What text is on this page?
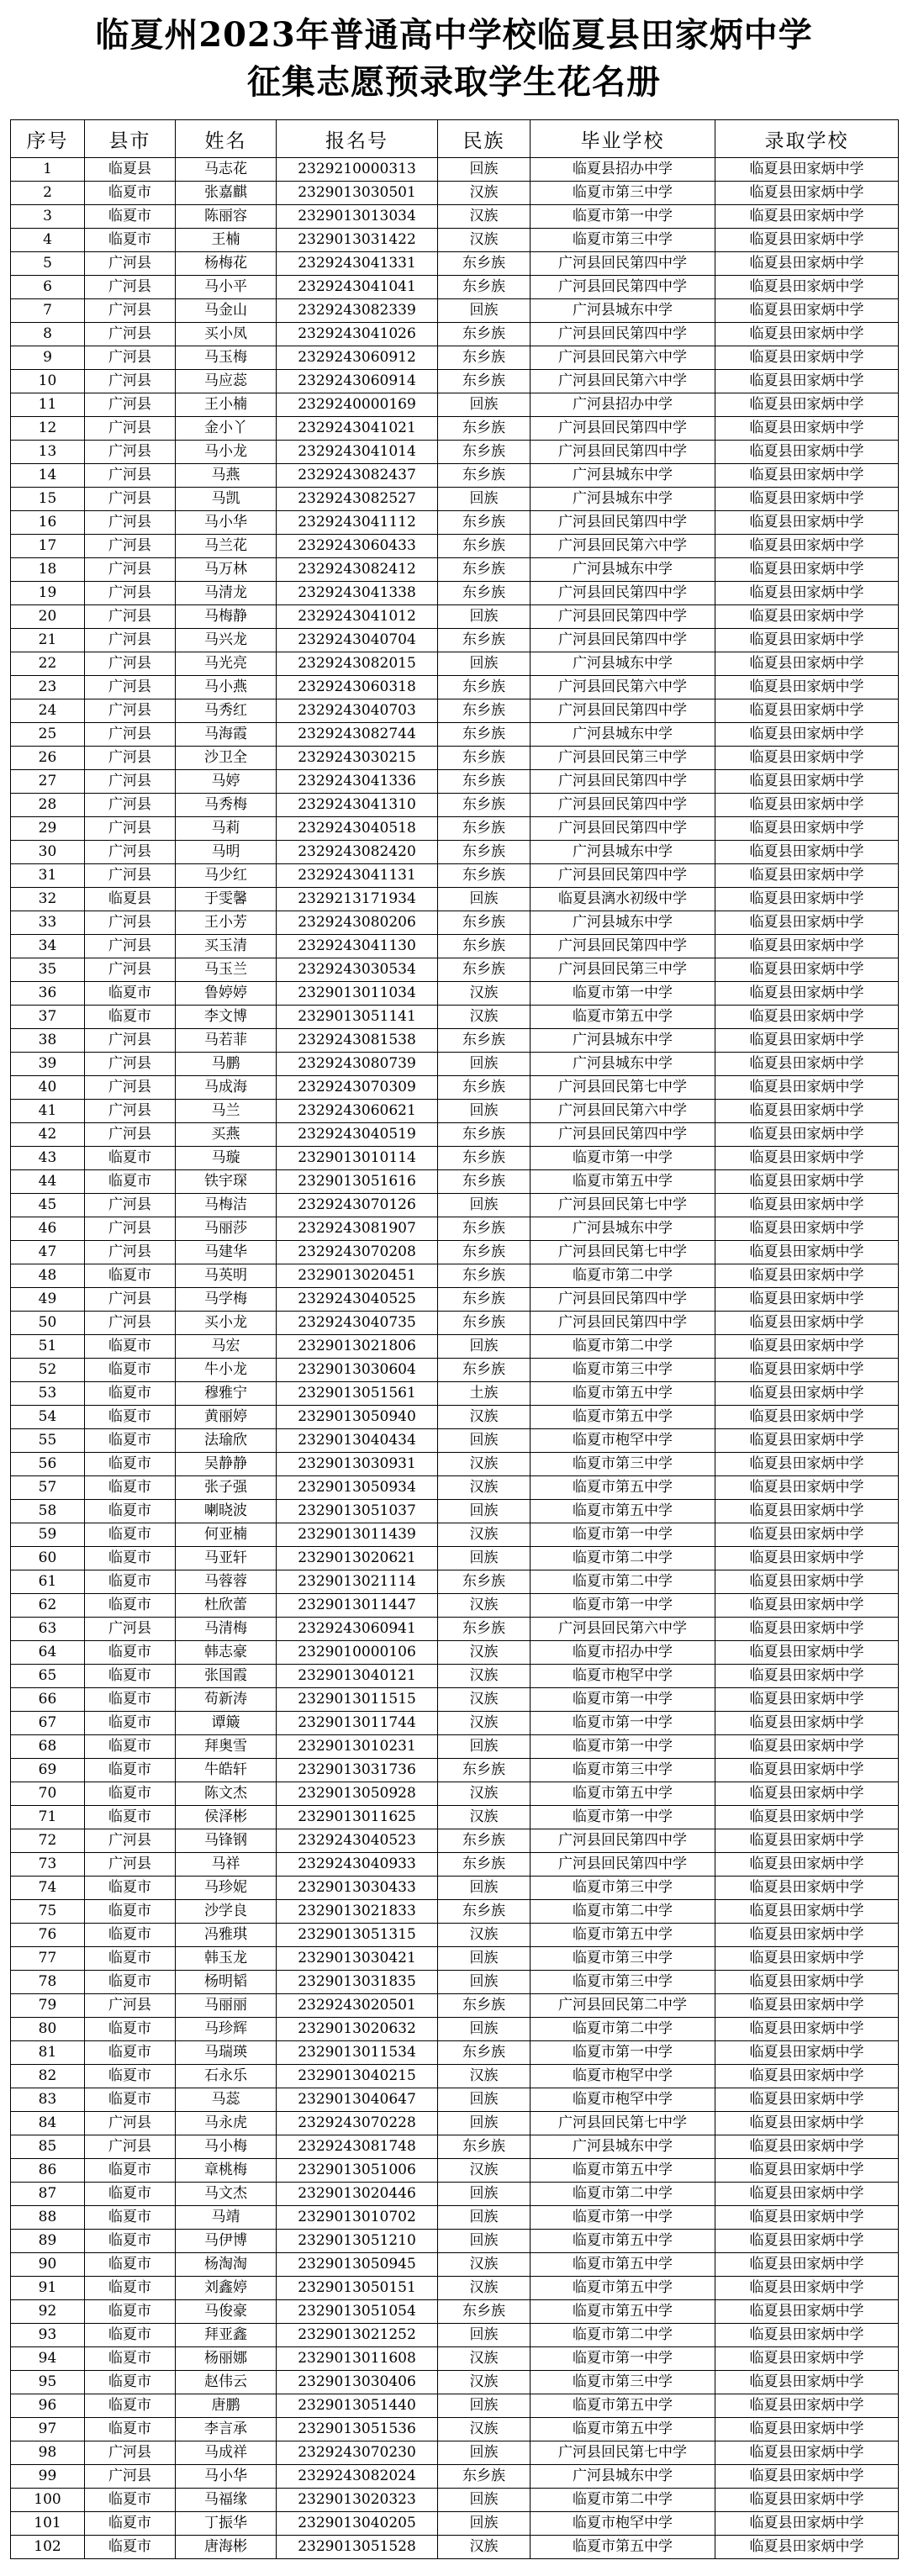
临夏州2023年普通高中学校临夏县田家炳中学
征集志愿预录取学生花名册
序号	县市	姓名	报名号	民族	毕业学校	录取学校
1	临夏县	马志花	2329210000313	回族	临夏县招办中学	临夏县田家炳中学
2	临夏市	张嘉麒	2329013030501	汉族	临夏市第三中学	临夏县田家炳中学
3	临夏市	陈丽容	2329013013034	汉族	临夏市第一中学	临夏县田家炳中学
4	临夏市	王楠	2329013031422	汉族	临夏市第三中学	临夏县田家炳中学
5	广河县	杨梅花	2329243041331	东乡族	广河县回民第四中学	临夏县田家炳中学
6	广河县	马小平	2329243041041	东乡族	广河县回民第四中学	临夏县田家炳中学
7	广河县	马金山	2329243082339	回族	广河县城东中学	临夏县田家炳中学
8	广河县	买小凤	2329243041026	东乡族	广河县回民第四中学	临夏县田家炳中学
9	广河县	马玉梅	2329243060912	东乡族	广河县回民第六中学	临夏县田家炳中学
10	广河县	马应蕊	2329243060914	东乡族	广河县回民第六中学	临夏县田家炳中学
11	广河县	王小楠	2329240000169	回族	广河县招办中学	临夏县田家炳中学
12	广河县	金小丫	2329243041021	东乡族	广河县回民第四中学	临夏县田家炳中学
13	广河县	马小龙	2329243041014	东乡族	广河县回民第四中学	临夏县田家炳中学
14	广河县	马燕	2329243082437	东乡族	广河县城东中学	临夏县田家炳中学
15	广河县	马凯	2329243082527	回族	广河县城东中学	临夏县田家炳中学
16	广河县	马小华	2329243041112	东乡族	广河县回民第四中学	临夏县田家炳中学
17	广河县	马兰花	2329243060433	东乡族	广河县回民第六中学	临夏县田家炳中学
18	广河县	马万林	2329243082412	东乡族	广河县城东中学	临夏县田家炳中学
19	广河县	马清龙	2329243041338	东乡族	广河县回民第四中学	临夏县田家炳中学
20	广河县	马梅静	2329243041012	回族	广河县回民第四中学	临夏县田家炳中学
21	广河县	马兴龙	2329243040704	东乡族	广河县回民第四中学	临夏县田家炳中学
22	广河县	马光亮	2329243082015	回族	广河县城东中学	临夏县田家炳中学
23	广河县	马小燕	2329243060318	东乡族	广河县回民第六中学	临夏县田家炳中学
24	广河县	马秀红	2329243040703	东乡族	广河县回民第四中学	临夏县田家炳中学
25	广河县	马海霞	2329243082744	东乡族	广河县城东中学	临夏县田家炳中学
26	广河县	沙卫全	2329243030215	东乡族	广河县回民第三中学	临夏县田家炳中学
27	广河县	马婷	2329243041336	东乡族	广河县回民第四中学	临夏县田家炳中学
28	广河县	马秀梅	2329243041310	东乡族	广河县回民第四中学	临夏县田家炳中学
29	广河县	马莉	2329243040518	东乡族	广河县回民第四中学	临夏县田家炳中学
30	广河县	马明	2329243082420	东乡族	广河县城东中学	临夏县田家炳中学
31	广河县	马少红	2329243041131	东乡族	广河县回民第四中学	临夏县田家炳中学
32	临夏县	于雯馨	2329213171934	回族	临夏县漓水初级中学	临夏县田家炳中学
33	广河县	王小芳	2329243080206	东乡族	广河县城东中学	临夏县田家炳中学
34	广河县	买玉清	2329243041130	东乡族	广河县回民第四中学	临夏县田家炳中学
35	广河县	马玉兰	2329243030534	东乡族	广河县回民第三中学	临夏县田家炳中学
36	临夏市	鲁婷婷	2329013011034	汉族	临夏市第一中学	临夏县田家炳中学
37	临夏市	李文博	2329013051141	汉族	临夏市第五中学	临夏县田家炳中学
38	广河县	马若菲	2329243081538	东乡族	广河县城东中学	临夏县田家炳中学
39	广河县	马鹏	2329243080739	回族	广河县城东中学	临夏县田家炳中学
40	广河县	马成海	2329243070309	东乡族	广河县回民第七中学	临夏县田家炳中学
41	广河县	马兰	2329243060621	回族	广河县回民第六中学	临夏县田家炳中学
42	广河县	买燕	2329243040519	东乡族	广河县回民第四中学	临夏县田家炳中学
43	临夏市	马璇	2329013010114	东乡族	临夏市第一中学	临夏县田家炳中学
44	临夏市	铁宇琛	2329013051616	东乡族	临夏市第五中学	临夏县田家炳中学
45	广河县	马梅洁	2329243070126	回族	广河县回民第七中学	临夏县田家炳中学
46	广河县	马丽莎	2329243081907	东乡族	广河县城东中学	临夏县田家炳中学
47	广河县	马建华	2329243070208	东乡族	广河县回民第七中学	临夏县田家炳中学
48	临夏市	马英明	2329013020451	东乡族	临夏市第二中学	临夏县田家炳中学
49	广河县	马学梅	2329243040525	东乡族	广河县回民第四中学	临夏县田家炳中学
50	广河县	买小龙	2329243040735	东乡族	广河县回民第四中学	临夏县田家炳中学
51	临夏市	马宏	2329013021806	回族	临夏市第二中学	临夏县田家炳中学
52	临夏市	牛小龙	2329013030604	东乡族	临夏市第三中学	临夏县田家炳中学
53	临夏市	穆雅宁	2329013051561	土族	临夏市第五中学	临夏县田家炳中学
54	临夏市	黄丽婷	2329013050940	汉族	临夏市第五中学	临夏县田家炳中学
55	临夏市	法瑜欣	2329013040434	回族	临夏市枹罕中学	临夏县田家炳中学
56	临夏市	吴静静	2329013030931	汉族	临夏市第三中学	临夏县田家炳中学
57	临夏市	张子强	2329013050934	汉族	临夏市第五中学	临夏县田家炳中学
58	临夏市	喇晓波	2329013051037	回族	临夏市第五中学	临夏县田家炳中学
59	临夏市	何亚楠	2329013011439	汉族	临夏市第一中学	临夏县田家炳中学
60	临夏市	马亚轩	2329013020621	回族	临夏市第二中学	临夏县田家炳中学
61	临夏市	马蓉蓉	2329013021114	东乡族	临夏市第二中学	临夏县田家炳中学
62	临夏市	杜欣蕾	2329013011447	汉族	临夏市第一中学	临夏县田家炳中学
63	广河县	马清梅	2329243060941	东乡族	广河县回民第六中学	临夏县田家炳中学
64	临夏市	韩志豪	2329010000106	汉族	临夏市招办中学	临夏县田家炳中学
65	临夏市	张国霞	2329013040121	汉族	临夏市枹罕中学	临夏县田家炳中学
66	临夏市	苟新涛	2329013011515	汉族	临夏市第一中学	临夏县田家炳中学
67	临夏市	谭簸	2329013011744	汉族	临夏市第一中学	临夏县田家炳中学
68	临夏市	拜奥雪	2329013010231	回族	临夏市第一中学	临夏县田家炳中学
69	临夏市	牛皓轩	2329013031736	东乡族	临夏市第三中学	临夏县田家炳中学
70	临夏市	陈文杰	2329013050928	汉族	临夏市第五中学	临夏县田家炳中学
71	临夏市	侯泽彬	2329013011625	汉族	临夏市第一中学	临夏县田家炳中学
72	广河县	马锋钢	2329243040523	东乡族	广河县回民第四中学	临夏县田家炳中学
73	广河县	马祥	2329243040933	东乡族	广河县回民第四中学	临夏县田家炳中学
74	临夏市	马珍妮	2329013030433	回族	临夏市第三中学	临夏县田家炳中学
75	临夏市	沙学良	2329013021833	东乡族	临夏市第二中学	临夏县田家炳中学
76	临夏市	冯雅琪	2329013051315	汉族	临夏市第五中学	临夏县田家炳中学
77	临夏市	韩玉龙	2329013030421	回族	临夏市第三中学	临夏县田家炳中学
78	临夏市	杨明韬	2329013031835	回族	临夏市第三中学	临夏县田家炳中学
79	广河县	马丽丽	2329243020501	东乡族	广河县回民第二中学	临夏县田家炳中学
80	临夏市	马珍辉	2329013020632	回族	临夏市第二中学	临夏县田家炳中学
81	临夏市	马瑞瑛	2329013011534	东乡族	临夏市第一中学	临夏县田家炳中学
82	临夏市	石永乐	2329013040215	汉族	临夏市枹罕中学	临夏县田家炳中学
83	临夏市	马蕊	2329013040647	回族	临夏市枹罕中学	临夏县田家炳中学
84	广河县	马永虎	2329243070228	回族	广河县回民第七中学	临夏县田家炳中学
85	广河县	马小梅	2329243081748	东乡族	广河县城东中学	临夏县田家炳中学
86	临夏市	章桃梅	2329013051006	汉族	临夏市第五中学	临夏县田家炳中学
87	临夏市	马文杰	2329013020446	回族	临夏市第二中学	临夏县田家炳中学
88	临夏市	马靖	2329013010702	回族	临夏市第一中学	临夏县田家炳中学
89	临夏市	马伊博	2329013051210	回族	临夏市第五中学	临夏县田家炳中学
90	临夏市	杨淘淘	2329013050945	汉族	临夏市第五中学	临夏县田家炳中学
91	临夏市	刘鑫婷	2329013050151	汉族	临夏市第五中学	临夏县田家炳中学
92	临夏市	马俊豪	2329013051054	东乡族	临夏市第五中学	临夏县田家炳中学
93	临夏市	拜亚鑫	2329013021252	回族	临夏市第二中学	临夏县田家炳中学
94	临夏市	杨丽娜	2329013011608	汉族	临夏市第一中学	临夏县田家炳中学
95	临夏市	赵伟云	2329013030406	汉族	临夏市第三中学	临夏县田家炳中学
96	临夏市	唐鹏	2329013051440	回族	临夏市第五中学	临夏县田家炳中学
97	临夏市	李言承	2329013051536	汉族	临夏市第五中学	临夏县田家炳中学
98	广河县	马成祥	2329243070230	回族	广河县回民第七中学	临夏县田家炳中学
99	广河县	马小华	2329243082024	东乡族	广河县城东中学	临夏县田家炳中学
100	临夏市	马福缘	2329013020323	回族	临夏市第二中学	临夏县田家炳中学
101	临夏市	丁振华	2329013040205	回族	临夏市枹罕中学	临夏县田家炳中学
102	临夏市	唐海彬	2329013051528	汉族	临夏市第五中学	临夏县田家炳中学
